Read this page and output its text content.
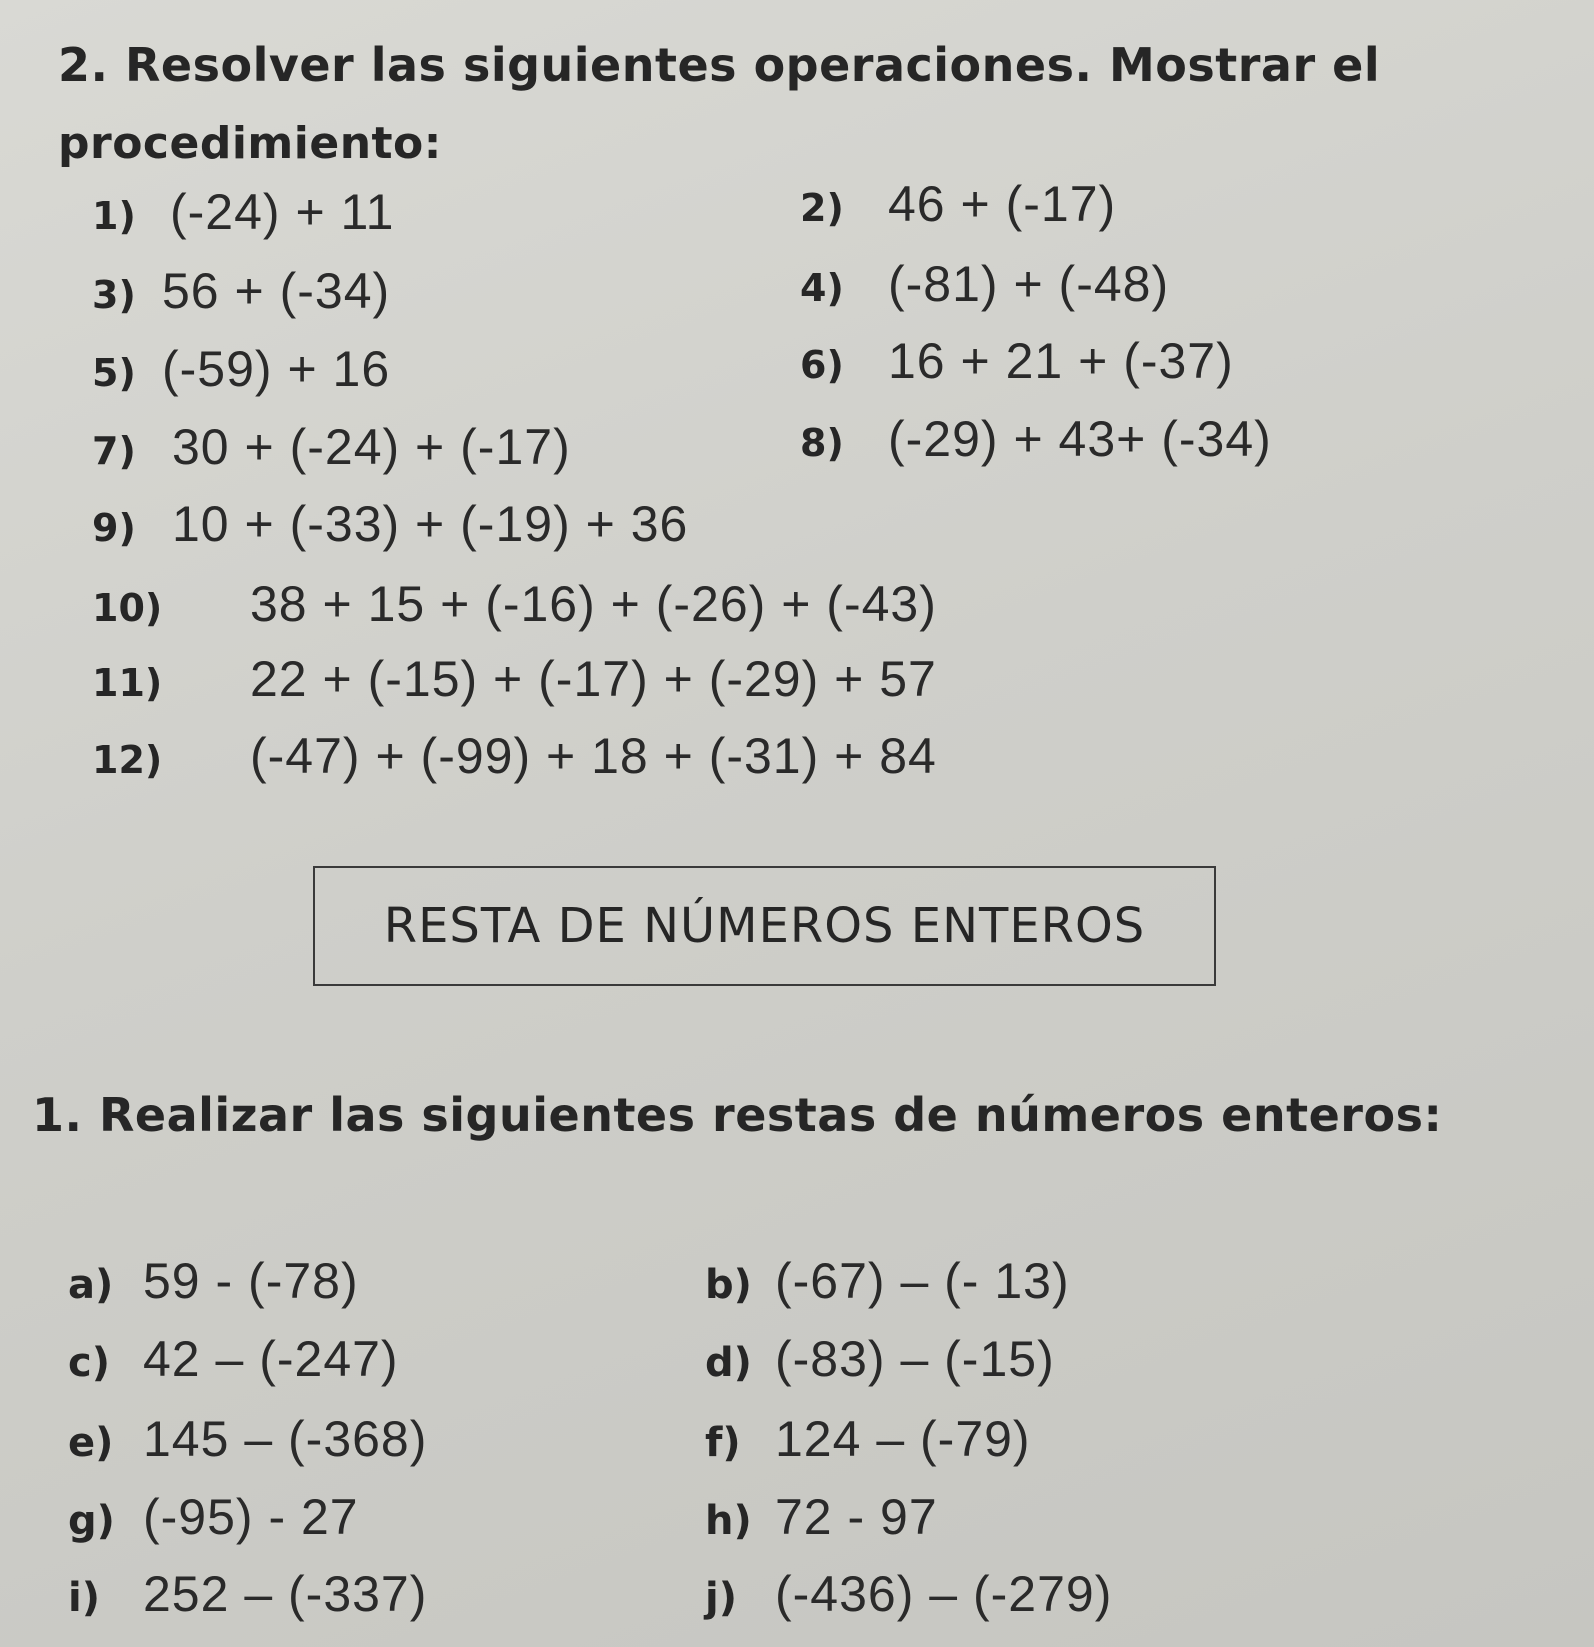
2. Resolver las siguientes operaciones. Mostrar el
procedimiento:
1) (-24) + 11	2) 46 + (-17)
3) 56 + (-34)	4) (-81) + (-48)
5) (-59) + 16	6) 16 + 21 + (-37)
7) 30 + (-24) + (-17)	8) (-29) + 43+ (-34)
9) 10 + (-33) + (-19) + 36
10)	38 + 15 + (-16) + (-26) + (-43)
11)	22 + (-15) + (-17) + (-29) + 57
12)	(-47) + (-99) + 18 + (-31) + 84
RESTA DE NÚMEROS ENTEROS
1. Realizar las siguientes restas de números enteros:
a) 59 - (-78)	b) (-67) – (- 13)
c) 42 – (-247)	d) (-83) – (-15)
e) 145 – (-368)	f) 124 – (-79)
g) (-95) - 27	h) 72 - 97
i) 252 – (-337)	j) (-436) – (-279)
